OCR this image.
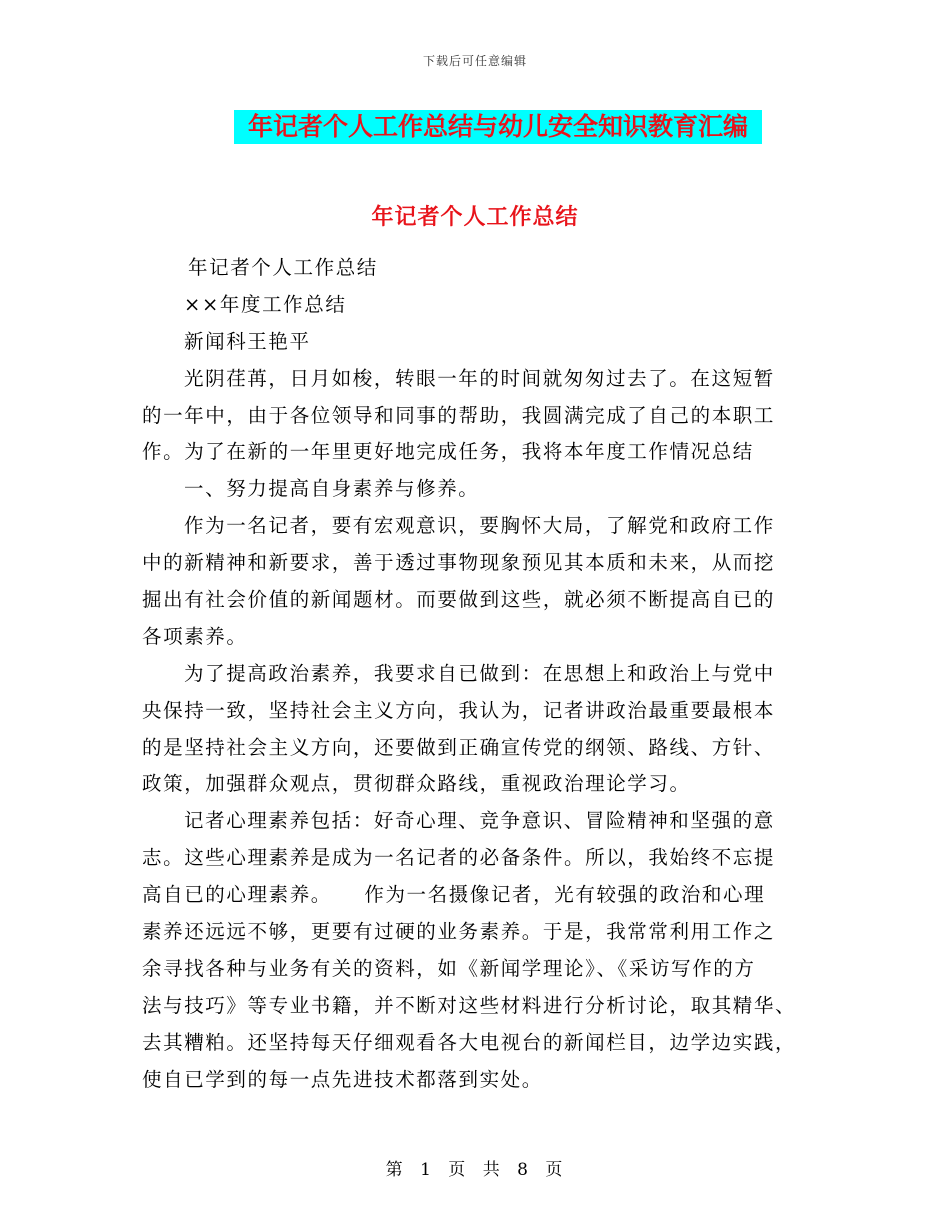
下载后可任意编辑
年记者个人工作总结与幼儿安全知识教育汇编
年记者个人工作总结
年记者个人工作总结
××年度工作总结
新闻科王艳平
光阴荏苒，日月如梭，转眼一年的时间就匆匆过去了。在这短暂
的一年中，由于各位领导和同事的帮助，我圆满完成了自己的本职工
作。为了在新的一年里更好地完成任务，我将本年度工作情况总结
一、努力提高自身素养与修养。
作为一名记者，要有宏观意识，要胸怀大局，了解党和政府工作
中的新精神和新要求，善于透过事物现象预见其本质和未来，从而挖
掘出有社会价值的新闻题材。而要做到这些，就必须不断提高自已的
各项素养。
为了提高政治素养，我要求自已做到：在思想上和政治上与党中
央保持一致，坚持社会主义方向，我认为，记者讲政治最重要最根本
的是坚持社会主义方向，还要做到正确宣传党的纲领、路线、方针、
政策，加强群众观点，贯彻群众路线，重视政治理论学习。
记者心理素养包括：好奇心理、竞争意识、冒险精神和坚强的意
志。这些心理素养是成为一名记者的必备条件。所以，我始终不忘提
高自已的心理素养。　　作为一名摄像记者，光有较强的政治和心理
素养还远远不够，更要有过硬的业务素养。于是，我常常利用工作之
余寻找各种与业务有关的资料，如《新闻学理论》、《采访写作的方
法与技巧》等专业书籍，并不断对这些材料进行分析讨论，取其精华、
去其糟粕。还坚持每天仔细观看各大电视台的新闻栏目，边学边实践，
使自已学到的每一点先进技术都落到实处。
第 1 页 共 8 页
